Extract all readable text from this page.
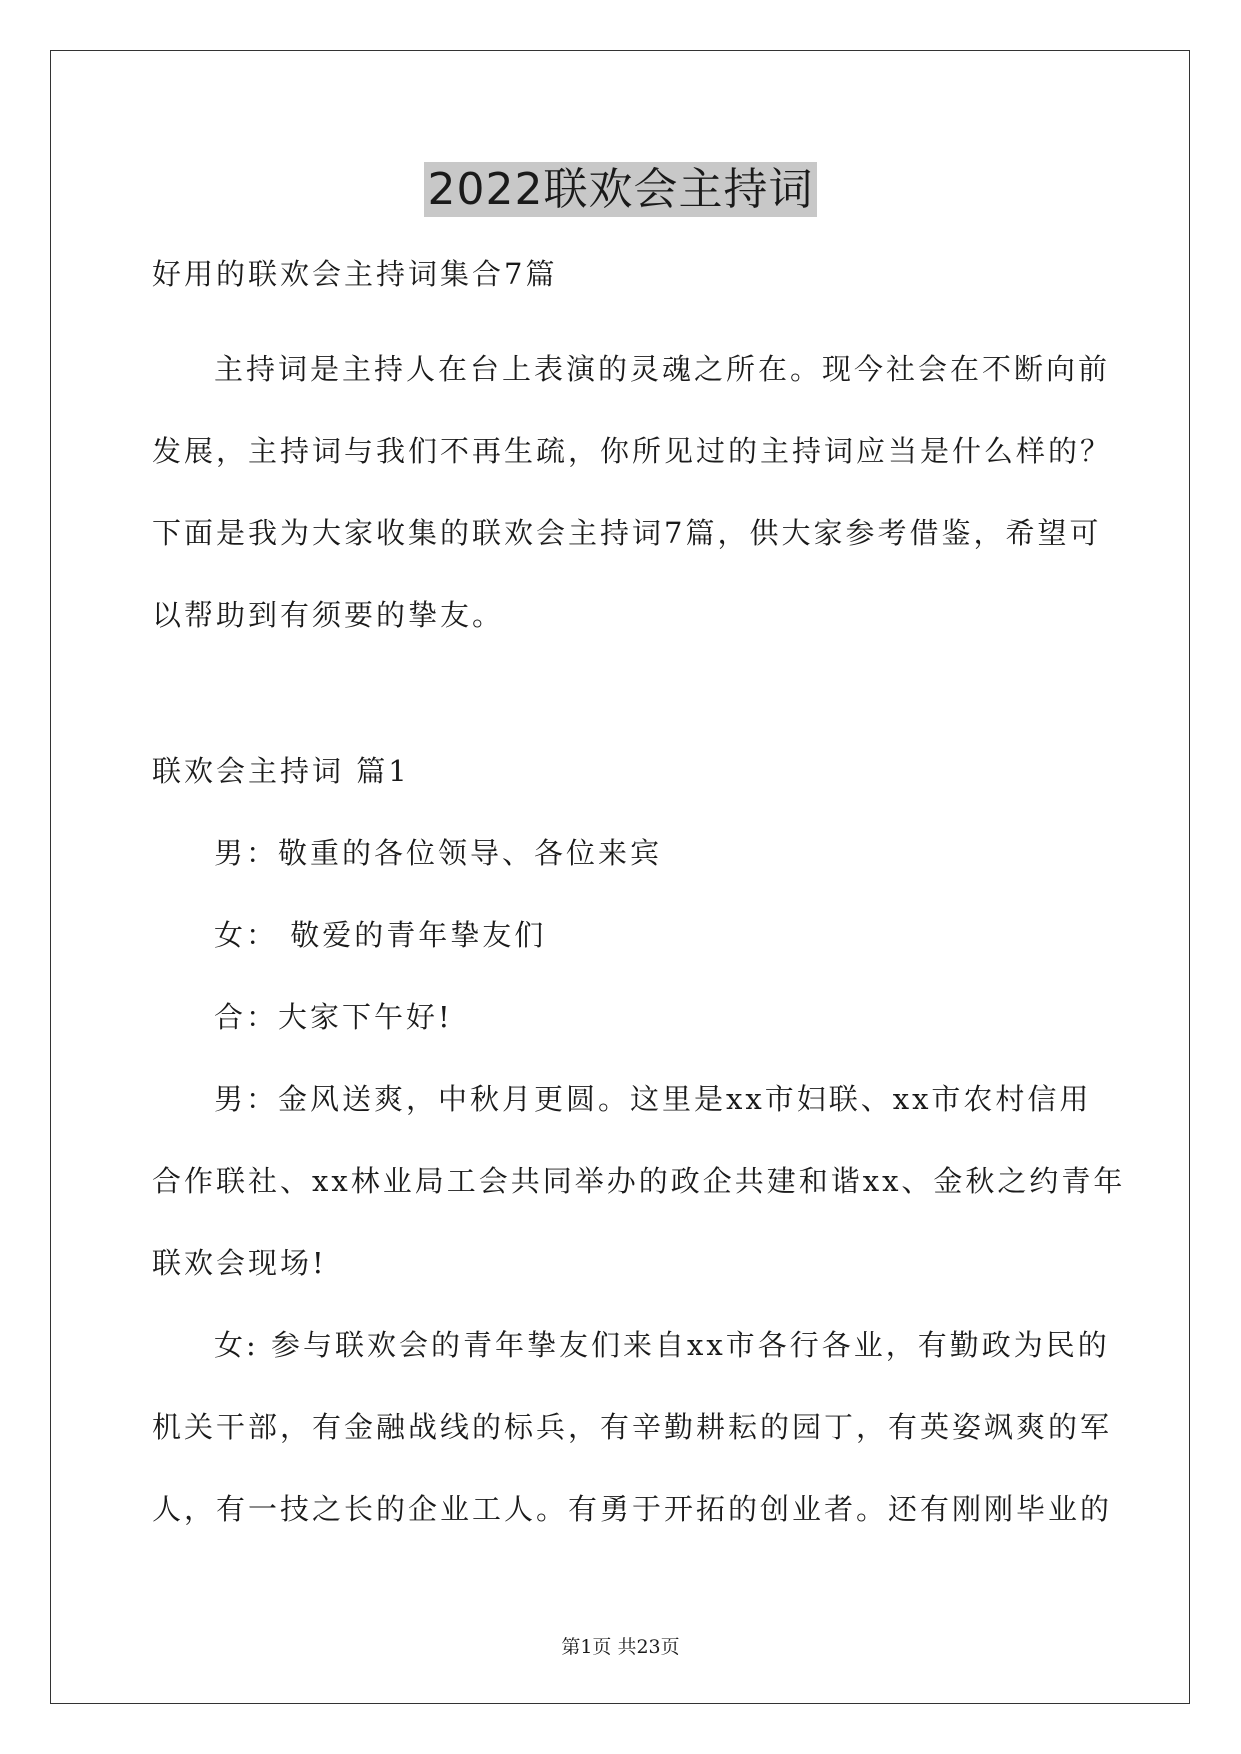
2022联欢会主持词
好用的联欢会主持词集合7篇
主持词是主持人在台上表演的灵魂之所在。现今社会在不断向前
发展，主持词与我们不再生疏，你所见过的主持词应当是什么样的？
下面是我为大家收集的联欢会主持词7篇，供大家参考借鉴，希望可
以帮助到有须要的挚友。
联欢会主持词 篇1
男：敬重的各位领导、各位来宾
女： 敬爱的青年挚友们
合：大家下午好!
男：金风送爽，中秋月更圆。这里是xx市妇联、xx市农村信用
合作联社、xx林业局工会共同举办的政企共建和谐xx、金秋之约青年
联欢会现场!
女: 参与联欢会的青年挚友们来自xx市各行各业，有勤政为民的
机关干部，有金融战线的标兵，有辛勤耕耘的园丁，有英姿飒爽的军
人，有一技之长的企业工人。有勇于开拓的创业者。还有刚刚毕业的
第1页 共23页
